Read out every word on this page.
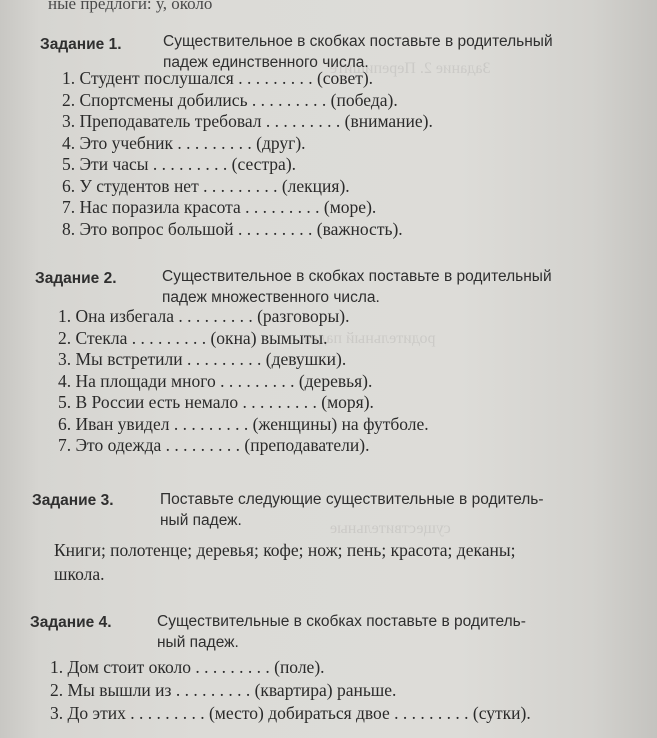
Задание 2. Перепишите
родительный падеж
существительные
ные предлоги: у, около
Задание 1.	Существительное в скобках поставьте в родительный
падеж единственного числа.
1. Студент послушался . . . . . . . . . (совет).
2. Спортсмены добились . . . . . . . . . (победа).
3. Преподаватель требовал . . . . . . . . . (внимание).
4. Это учебник . . . . . . . . . (друг).
5. Эти часы . . . . . . . . . (сестра).
6. У студентов нет . . . . . . . . . (лекция).
7. Нас поразила красота . . . . . . . . . (море).
8. Это вопрос большой . . . . . . . . . (важность).
Задание 2.	Существительное в скобках поставьте в родительный
падеж множественного числа.
1. Она избегала . . . . . . . . . (разговоры).
2. Стекла . . . . . . . . . (окна) вымыты.
3. Мы встретили . . . . . . . . . (девушки).
4. На площади много . . . . . . . . . (деревья).
5. В России есть немало . . . . . . . . . (моря).
6. Иван увидел . . . . . . . . . (женщины) на футболе.
7. Это одежда . . . . . . . . . (преподаватели).
Задание 3.	Поставьте следующие существительные в родитель-
ный падеж.
Книги; полотенце; деревья; кофе; нож; пень; красота; деканы;
школа.
Задание 4.	Существительные в скобках поставьте в родитель-
ный падеж.
1. Дом стоит около . . . . . . . . . (поле).
2. Мы вышли из . . . . . . . . . (квартира) раньше.
3. До этих . . . . . . . . . (место) добираться двое . . . . . . . . . (сутки).
